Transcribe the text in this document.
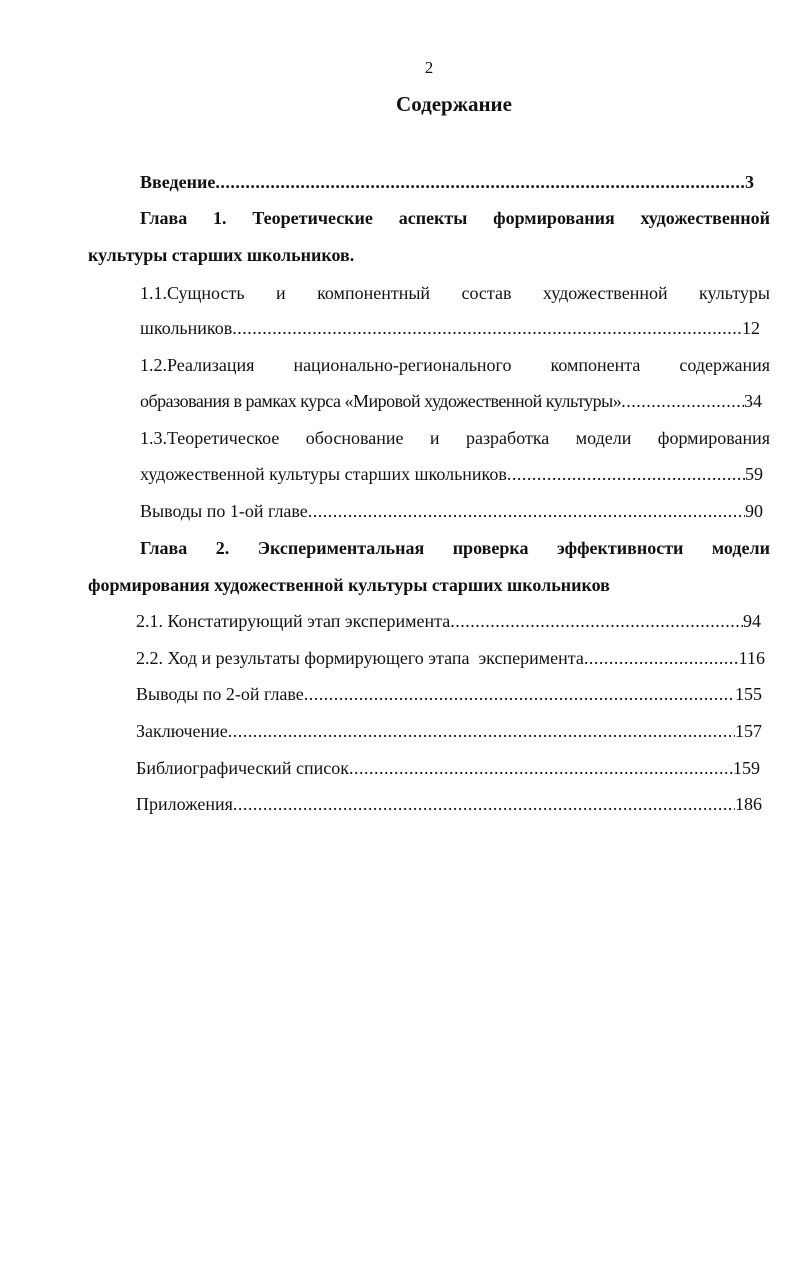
2
Содержание
Введение .....	3
Глава 1. Теоретические аспекты формирования художественной
культуры старших школьников.
1.1.Сущность и компонентный состав художественной культуры
школьников .....	12
1.2.Реализация национально-регионального компонента содержания
образования в рамках курса «Мировой художественной культуры» .....	34
1.3.Теоретическое обоснование и разработка модели формирования
художественной культуры старших школьников .....	59
Выводы по 1-ой главе .....	90
Глава 2. Экспериментальная проверка эффективности модели
формирования художественной культуры старших школьников
2.1. Констатирующий этап эксперимента .....	94
2.2. Ход и результаты формирующего этапа  эксперимента .....	116
Выводы по 2-ой главе .....	155
Заключение .....	157
Библиографический список .....	159
Приложения .....	186
